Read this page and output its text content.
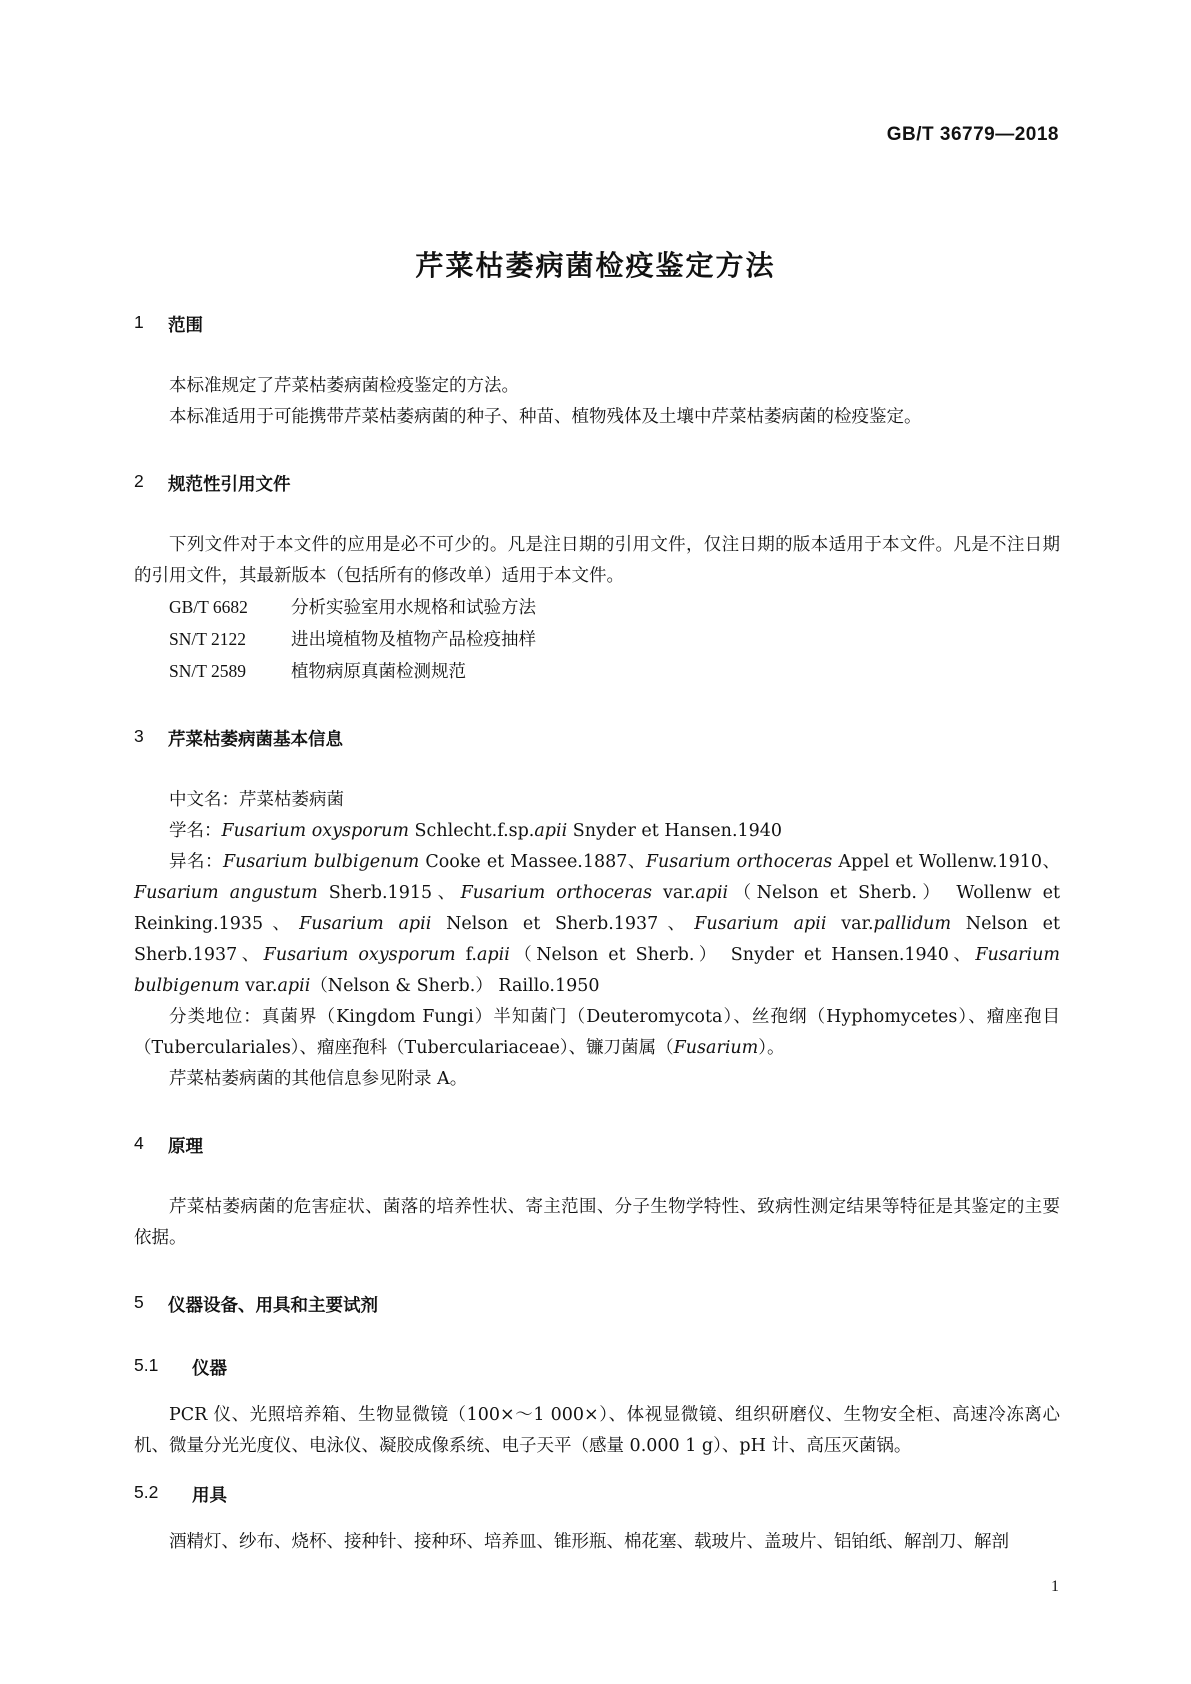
GB/T 36779—2018
芹菜枯萎病菌检疫鉴定方法
1	范围

本标准规定了芹菜枯萎病菌检疫鉴定的方法。

本标准适用于可能携带芹菜枯萎病菌的种子、种苗、植物残体及土壤中芹菜枯萎病菌的检疫鉴定。

2	规范性引用文件

下列文件对于本文件的应用是必不可少的。凡是注日期的引用文件，仅注日期的版本适用于本文件。凡是不注日期的引用文件，其最新版本（包括所有的修改单）适用于本文件。

GB/T 6682 分析实验室用水规格和试验方法

SN/T 2122	进出境植物及植物产品检疫抽样

SN/T 2589	植物病原真菌检测规范

3	芹菜枯萎病菌基本信息

中文名：芹菜枯萎病菌

学名：Fusarium oxysporum Schlecht.f.sp.apii Snyder et Hansen.1940

异名：Fusarium bulbigenum Cooke et Massee.1887、Fusarium orthoceras Appel et Wollenw.1910、Fusarium angustum Sherb.1915、Fusarium orthoceras var.apii（Nelson et Sherb.） Wollenw et Reinking.1935、Fusarium apii Nelson et Sherb.1937、Fusarium apii var.pallidum Nelson et Sherb.1937、Fusarium oxysporum f.apii（Nelson et Sherb.） Snyder et Hansen.1940、Fusarium bulbigenum var.apii（Nelson & Sherb.） Raillo.1950

分类地位：真菌界（Kingdom Fungi）半知菌门（Deuteromycota）、丝孢纲（Hyphomycetes）、瘤座孢目（Tuberculariales）、瘤座孢科（Tuberculariaceae）、镰刀菌属（Fusarium）。

芹菜枯萎病菌的其他信息参见附录 A。

4	原理

芹菜枯萎病菌的危害症状、菌落的培养性状、寄主范围、分子生物学特性、致病性测定结果等特征是其鉴定的主要依据。

5	仪器设备、用具和主要试剂
5.1	仪器

PCR 仪、光照培养箱、生物显微镜（100×～1 000×）、体视显微镜、组织研磨仪、生物安全柜、高速冷冻离心机、微量分光光度仪、电泳仪、凝胶成像系统、电子天平（感量 0.000 1 g）、pH 计、高压灭菌锅。

5.2	用具

酒精灯、纱布、烧杯、接种针、接种环、培养皿、锥形瓶、棉花塞、载玻片、盖玻片、铝铂纸、解剖刀、解剖

1
